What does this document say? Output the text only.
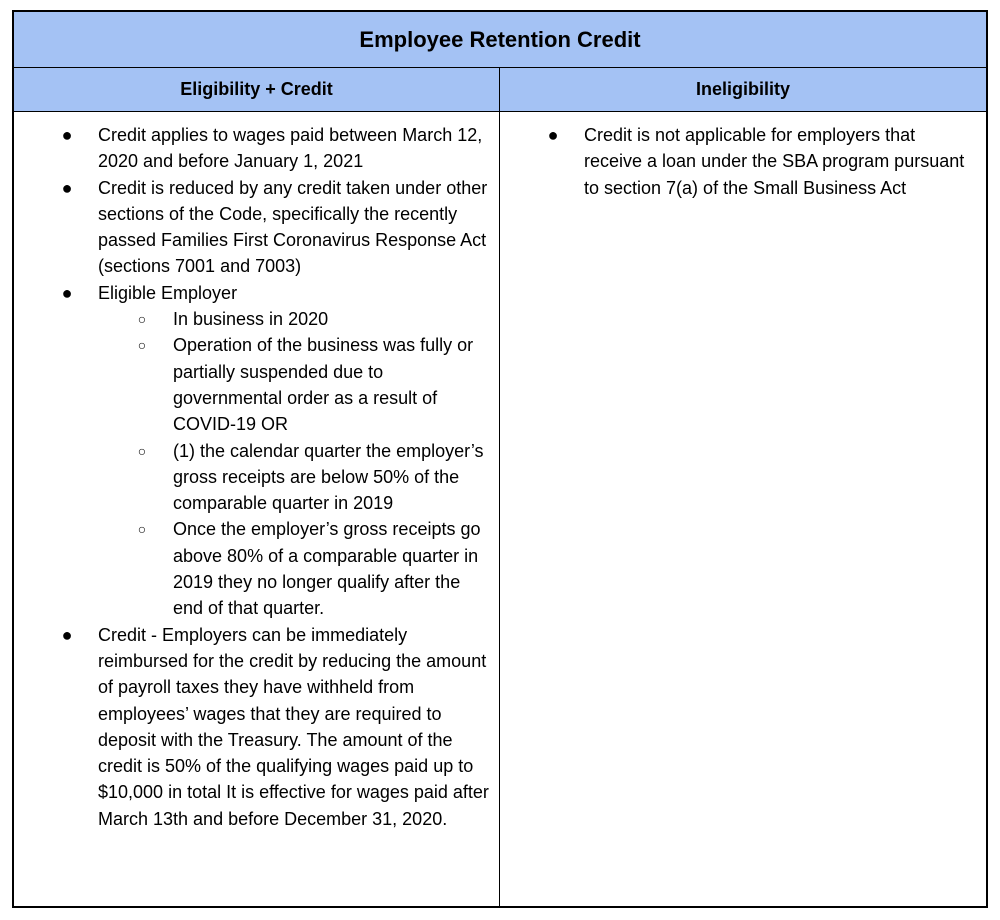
Employee Retention Credit
Eligibility + Credit	Ineligibility
● Credit applies to wages paid between March 12, 2020 and before January 1, 2021
● Credit is reduced by any credit taken under other sections of the Code, specifically the recently passed Families First Coronavirus Response Act (sections 7001 and 7003)
● Eligible Employer
○ In business in 2020
○ Operation of the business was fully or partially suspended due to governmental order as a result of COVID-19 OR
○ (1) the calendar quarter the employer’s gross receipts are below 50% of the comparable quarter in 2019
○ Once the employer’s gross receipts go above 80% of a comparable quarter in 2019 they no longer qualify after the end of that quarter.
● Credit - Employers can be immediately reimbursed for the credit by reducing the amount of payroll taxes they have withheld from employees’ wages that they are required to deposit with the Treasury. The amount of the credit is 50% of the qualifying wages paid up to $10,000 in total It is effective for wages paid after March 13th and before December 31, 2020.
● Credit is not applicable for employers that receive a loan under the SBA program pursuant to section 7(a) of the Small Business Act
